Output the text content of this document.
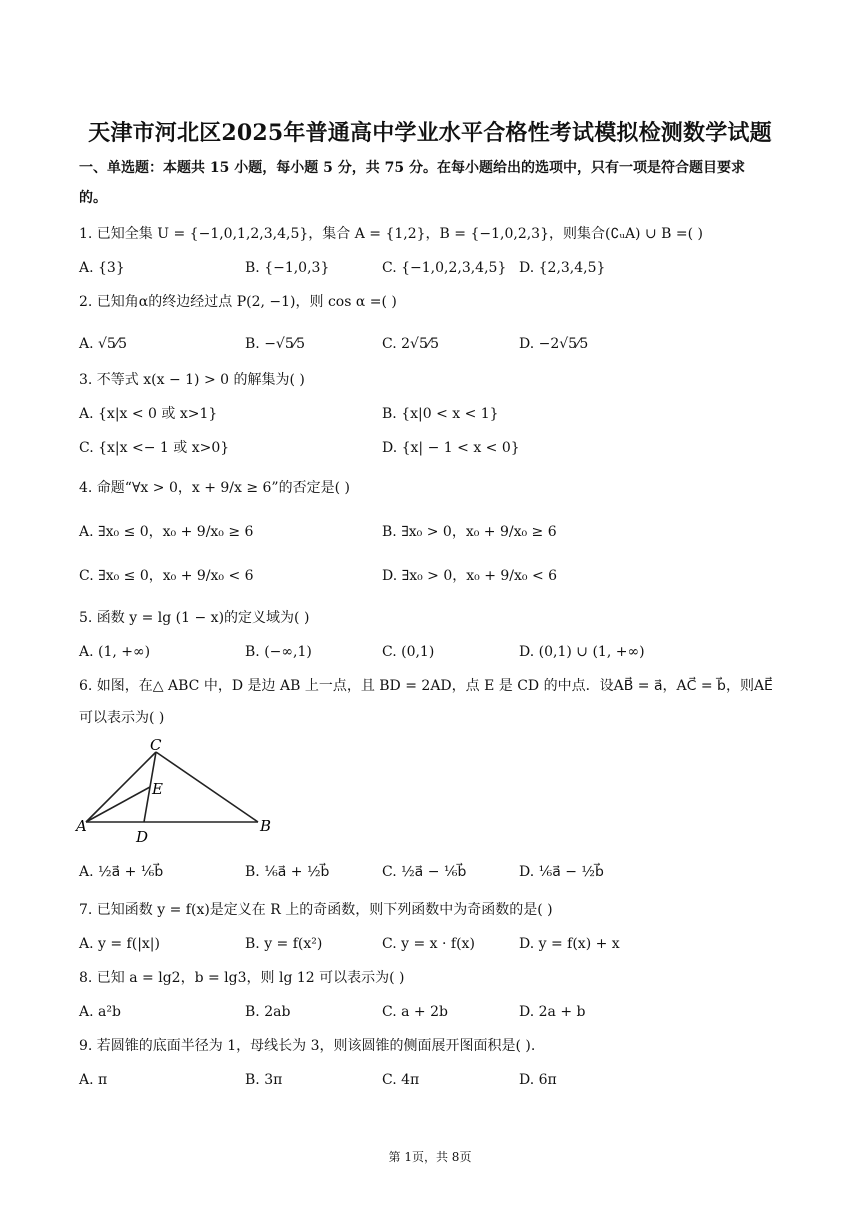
天津市河北区2025年普通高中学业水平合格性考试模拟检测数学试题
一、单选题：本题共 15 小题，每小题 5 分，共 75 分。在每小题给出的选项中，只有一项是符合题目要求
的。
1. 已知全集 U = {−1,0,1,2,3,4,5}，集合 A = {1,2}，B = {−1,0,2,3}，则集合(∁ᵤA) ∪ B =( )
A. {3}	B. {−1,0,3}	C. {−1,0,2,3,4,5} D. {2,3,4,5}
2. 已知角α的终边经过点 P(2, −1)，则 cos α =( )
A. √5⁄5	B. −√5⁄5	C. 2√5⁄5	D. −2√5⁄5
3. 不等式 x(x − 1) > 0 的解集为( )
A. {x|x < 0 或 x>1}	B. {x|0 < x < 1}
C. {x|x <− 1 或 x>0}	D. {x| − 1 < x < 0}
4. 命题“∀x > 0，x + 9/x ≥ 6”的否定是( )
A. ∃x₀ ≤ 0，x₀ + 9/x₀ ≥ 6	B. ∃x₀ > 0，x₀ + 9/x₀ ≥ 6
C. ∃x₀ ≤ 0，x₀ + 9/x₀ < 6	D. ∃x₀ > 0，x₀ + 9/x₀ < 6
5. 函数 y = lg (1 − x)的定义域为( )
A. (1, +∞)	B. (−∞,1)	C. (0,1)	D. (0,1) ∪ (1, +∞)
6. 如图，在△ ABC 中，D 是边 AB 上一点，且 BD = 2AD，点 E 是 CD 的中点．设AB⃗ = a⃗，AC⃗ = b⃗，则AE⃗
可以表示为( )
A	B
C
D
E
A. ½a⃗ + ⅙b⃗	B. ⅙a⃗ + ½b⃗	C. ½a⃗ − ⅙b⃗	D. ⅙a⃗ − ½b⃗
7. 已知函数 y = f(x)是定义在 R 上的奇函数，则下列函数中为奇函数的是( )
A. y = f(|x|)	B. y = f(x²)	C. y = x · f(x)	D. y = f(x) + x
8. 已知 a = lg2，b = lg3，则 lg 12 可以表示为( )
A. a²b	B. 2ab	C. a + 2b	D. 2a + b
9. 若圆锥的底面半径为 1，母线长为 3，则该圆锥的侧面展开图面积是( ).
A. π	B. 3π	C. 4π	D. 6π
第 1页，共 8页
